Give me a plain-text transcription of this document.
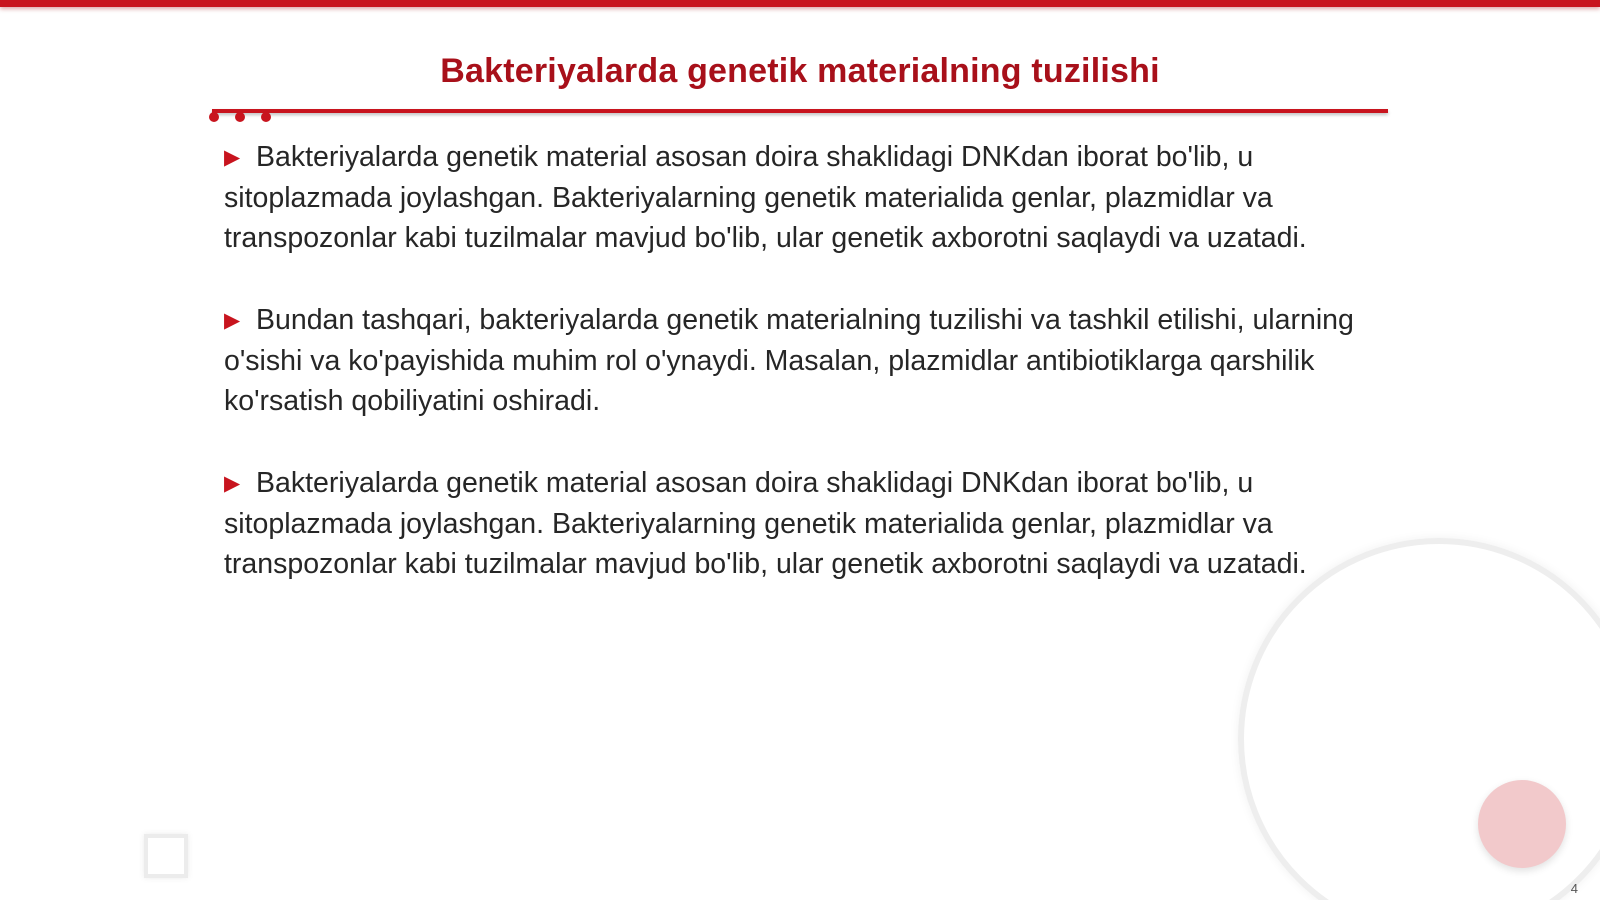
Bakteriyalarda genetik materialning tuzilishi

▶ Bakteriyalarda genetik material asosan doira shaklidagi DNKdan iborat bo'lib, u sitoplazmada joylashgan. Bakteriyalarning genetik materialida genlar, plazmidlar va transpozonlar kabi tuzilmalar mavjud bo'lib, ular genetik axborotni saqlaydi va uzatadi.

▶ Bundan tashqari, bakteriyalarda genetik materialning tuzilishi va tashkil etilishi, ularning o'sishi va ko'payishida muhim rol o'ynaydi. Masalan, plazmidlar antibiotiklarga qarshilik ko'rsatish qobiliyatini oshiradi.

▶ Bakteriyalarda genetik material asosan doira shaklidagi DNKdan iborat bo'lib, u sitoplazmada joylashgan. Bakteriyalarning genetik materialida genlar, plazmidlar va transpozonlar kabi tuzilmalar mavjud bo'lib, ular genetik axborotni saqlaydi va uzatadi.

4
